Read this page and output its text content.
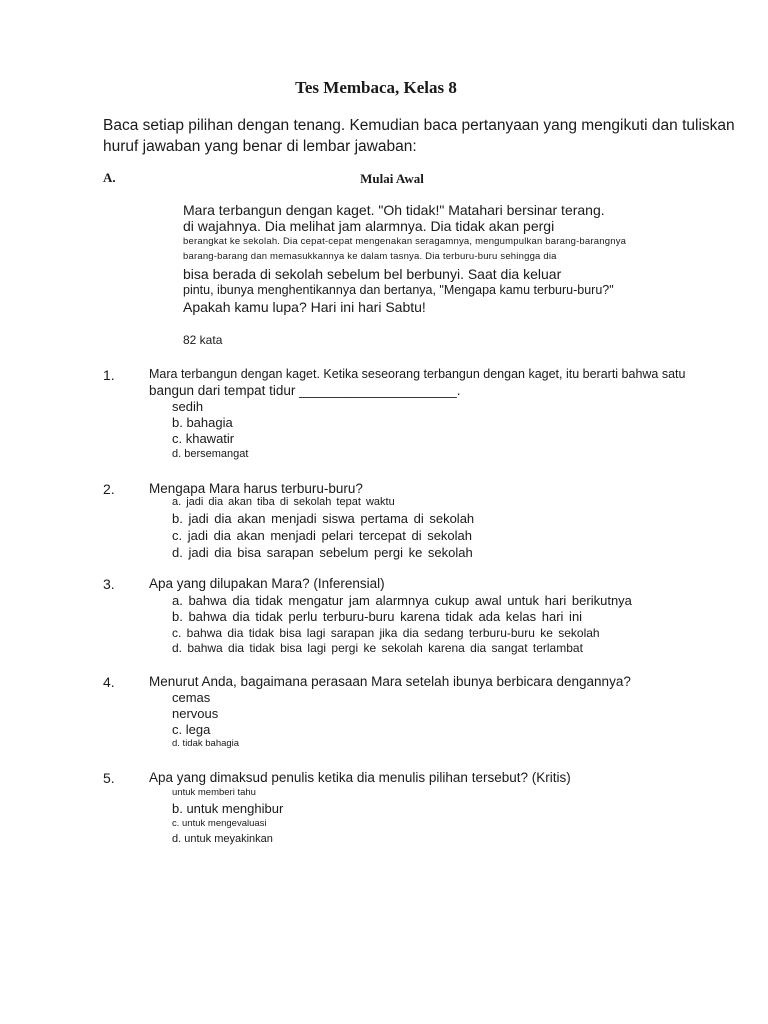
Tes Membaca, Kelas 8
Baca setiap pilihan dengan tenang. Kemudian baca pertanyaan yang mengikuti dan tuliskan
huruf jawaban yang benar di lembar jawaban:
A.	Mulai Awal
Mara terbangun dengan kaget. "Oh tidak!" Matahari bersinar terang.
di wajahnya. Dia melihat jam alarmnya. Dia tidak akan pergi
berangkat ke sekolah. Dia cepat-cepat mengenakan seragamnya, mengumpulkan barang-barangnya
barang-barang dan memasukkannya ke dalam tasnya. Dia terburu-buru sehingga dia
bisa berada di sekolah sebelum bel berbunyi. Saat dia keluar
pintu, ibunya menghentikannya dan bertanya, "Mengapa kamu terburu-buru?"
Apakah kamu lupa? Hari ini hari Sabtu!
82 kata
1.	Mara terbangun dengan kaget. Ketika seseorang terbangun dengan kaget, itu berarti bahwa satu
bangun dari tempat tidur _____________________.
sedih
b. bahagia
c. khawatir
d. bersemangat
2.	Mengapa Mara harus terburu-buru?
a. jadi dia akan tiba di sekolah tepat waktu
b. jadi dia akan menjadi siswa pertama di sekolah
c. jadi dia akan menjadi pelari tercepat di sekolah
d. jadi dia bisa sarapan sebelum pergi ke sekolah
3.	Apa yang dilupakan Mara? (Inferensial)
a. bahwa dia tidak mengatur jam alarmnya cukup awal untuk hari berikutnya
b. bahwa dia tidak perlu terburu-buru karena tidak ada kelas hari ini
c. bahwa dia tidak bisa lagi sarapan jika dia sedang terburu-buru ke sekolah
d. bahwa dia tidak bisa lagi pergi ke sekolah karena dia sangat terlambat
4.	Menurut Anda, bagaimana perasaan Mara setelah ibunya berbicara dengannya?
cemas
nervous
c. lega
d. tidak bahagia
5.	Apa yang dimaksud penulis ketika dia menulis pilihan tersebut? (Kritis)
untuk memberi tahu
b. untuk menghibur
c. untuk mengevaluasi
d. untuk meyakinkan
